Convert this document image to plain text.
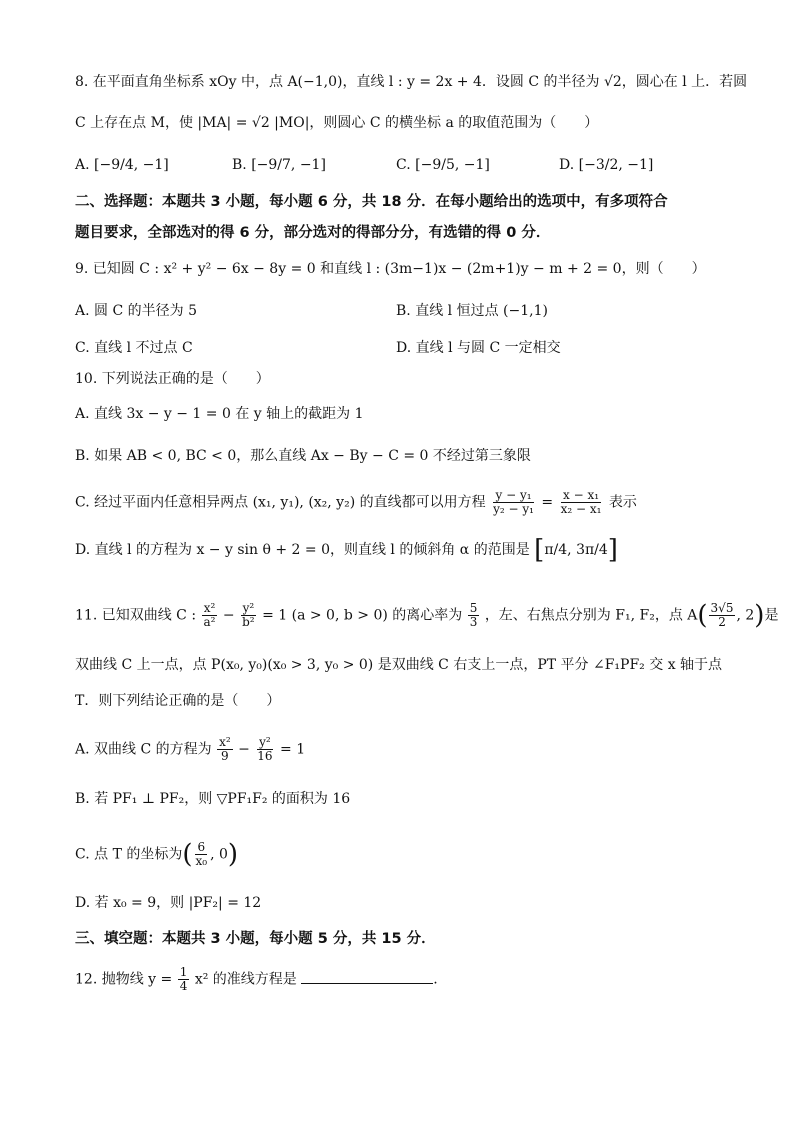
8. 在平面直角坐标系 xOy 中，点 A(−1,0)，直线 l : y = 2x + 4．设圆 C 的半径为 √2，圆心在 l 上．若圆
C 上存在点 M，使 |MA| = √2 |MO|，则圆心 C 的横坐标 a 的取值范围为（　　）
A. [−9/4, −1]	B. [−9/7, −1]	C. [−9/5, −1]	D. [−3/2, −1]
二、选择题：本题共 3 小题，每小题 6 分，共 18 分．在每小题给出的选项中，有多项符合
题目要求，全部选对的得 6 分，部分选对的得部分分，有选错的得 0 分．
9. 已知圆 C : x² + y² − 6x − 8y = 0 和直线 l : (3m−1)x − (2m+1)y − m + 2 = 0，则（　　）
A. 圆 C 的半径为 5	B. 直线 l 恒过点 (−1,1)
C. 直线 l 不过点 C	D. 直线 l 与圆 C 一定相交
10. 下列说法正确的是（　　）
A. 直线 3x − y − 1 = 0 在 y 轴上的截距为 1
B. 如果 AB < 0, BC < 0，那么直线 Ax − By − C = 0 不经过第三象限
C. 经过平面内任意相异两点 (x₁, y₁), (x₂, y₂) 的直线都可以用方程 $\frac{\text{y − y₁}}{\text{y₂ − y₁}} = \frac{\text{x − x₁}}{\text{x₂ − x₁}}$ 表示
D. 直线 l 的方程为 x − y sin θ + 2 = 0，则直线 l 的倾斜角 α 的范围是 [π/4, 3π/4]
11. 已知双曲线 C : $\frac{\text{x²}}{\text{a²}} - \frac{\text{y²}}{\text{b²}} = 1$ (a > 0, b > 0) 的离心率为 $\frac{5}{3}$ ，左、右焦点分别为 F₁, F₂，点 $A( \frac{3√5}{2}$ , 2)是
双曲线 C 上一点，点 P(x₀, y₀)(x₀ > 3, y₀ > 0) 是双曲线 C 右支上一点，PT 平分 ∠F₁PF₂ 交 x 轴于点
T．则下列结论正确的是（　　）
A. 双曲线 C 的方程为 $\frac{\text{x²}}{9} - \frac{\text{y²}}{16} = 1$
B. 若 PF₁ ⊥ PF₂，则 ▽PF₁F₂ 的面积为 16
C. 点 T 的坐标为( $\frac{6}{\text{x₀}}$ , 0)
D. 若 x₀ = 9，则 |PF₂| = 12
三、填空题：本题共 3 小题，每小题 5 分，共 15 分．
12. 抛物线 $y = \frac{1}{4} x^2$ 的准线方程是	.
